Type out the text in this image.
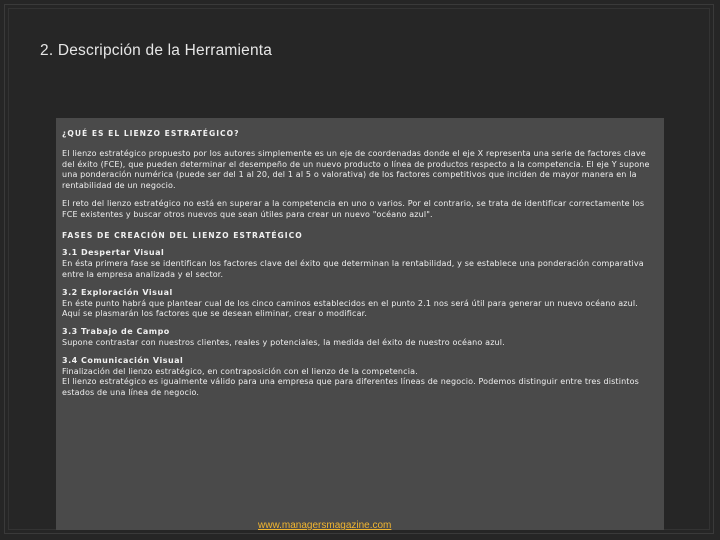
2. Descripción de la Herramienta

¿QUÉ ES EL LIENZO ESTRATÉGICO?

El lienzo estratégico propuesto por los autores simplemente es un eje de coordenadas donde el eje X representa una serie de factores clave del éxito (FCE), que pueden determinar el desempeño de un nuevo producto o línea de productos respecto a la competencia. El eje Y supone una ponderación numérica (puede ser del 1 al 20, del 1 al 5 o valorativa) de los factores competitivos que inciden de mayor manera en la rentabilidad de un negocio.

El reto del lienzo estratégico no está en superar a la competencia en uno o varios. Por el contrario, se trata de identificar correctamente los FCE existentes y buscar otros nuevos que sean útiles para crear un nuevo "océano azul".

FASES DE CREACIÓN DEL LIENZO ESTRATÉGICO

3.1 Despertar Visual

En ésta primera fase se identifican los factores clave del éxito que determinan la rentabilidad, y se establece una ponderación comparativa entre la empresa analizada y el sector.

3.2 Exploración Visual

En éste punto habrá que plantear cual de los cinco caminos establecidos en el punto 2.1 nos será útil para generar un nuevo océano azul. Aquí se plasmarán los factores que se desean eliminar, crear o modificar.

3.3 Trabajo de Campo

Supone contrastar con nuestros clientes, reales y potenciales, la medida del éxito de nuestro océano azul.

3.4 Comunicación Visual

Finalización del lienzo estratégico, en contraposición con el lienzo de la competencia.

El lienzo estratégico es igualmente válido para una empresa que para diferentes líneas de negocio. Podemos distinguir entre tres distintos estados de una línea de negocio.

www.managersmagazine.com
